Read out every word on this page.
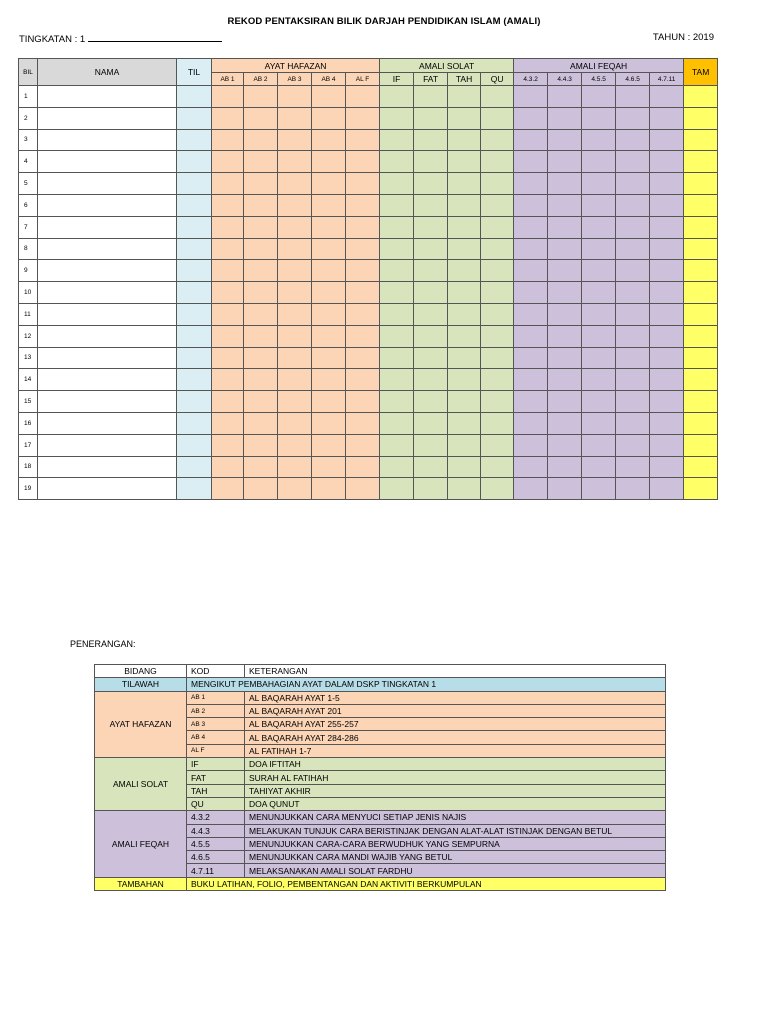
REKOD PENTAKSIRAN BILIK DARJAH PENDIDIKAN ISLAM (AMALI)
TINGKATAN : 1	TAHUN : 2019
BIL	NAMA	TIL	AYAT HAFAZAN					AMALI SOLAT				AMALI FEQAH					TAM
			AB 1	AB 2	AB 3	AB 4	AL F	IF	FAT	TAH	QU	4.3.2	4.4.3	4.5.5	4.6.5	4.7.11	
1																	
2																	
3																	
4																	
5																	
6																	
7																	
8																	
9																	
10																	
11																	
12																	
13																	
14																	
15																	
16																	
17																	
18																	
19																	
PENERANGAN:
BIDANG	KOD	KETERANGAN
TILAWAH	MENGIKUT PEMBAHAGIAN AYAT DALAM DSKP TINGKATAN 1	
AYAT HAFAZAN	AB 1	AL BAQARAH AYAT 1-5
	AB 2	AL BAQARAH AYAT 201
	AB 3	AL BAQARAH AYAT 255-257
	AB 4	AL BAQARAH AYAT 284-286
	AL F	AL FATIHAH 1-7
AMALI SOLAT	IF	DOA IFTITAH
	FAT	SURAH AL FATIHAH
	TAH	TAHIYAT AKHIR
	QU	DOA QUNUT
AMALI FEQAH	4.3.2	MENUNJUKKAN CARA MENYUCI SETIAP JENIS NAJIS
	4.4.3	MELAKUKAN TUNJUK CARA BERISTINJAK DENGAN ALAT-ALAT ISTINJAK DENGAN BETUL
	4.5.5	MENUNJUKKAN CARA-CARA BERWUDHUK YANG SEMPURNA
	4.6.5	MENUNJUKKAN CARA MANDI WAJIB YANG BETUL
	4.7.11	MELAKSANAKAN AMALI SOLAT FARDHU
TAMBAHAN	BUKU LATIHAN, FOLIO, PEMBENTANGAN DAN AKTIVITI BERKUMPULAN	
